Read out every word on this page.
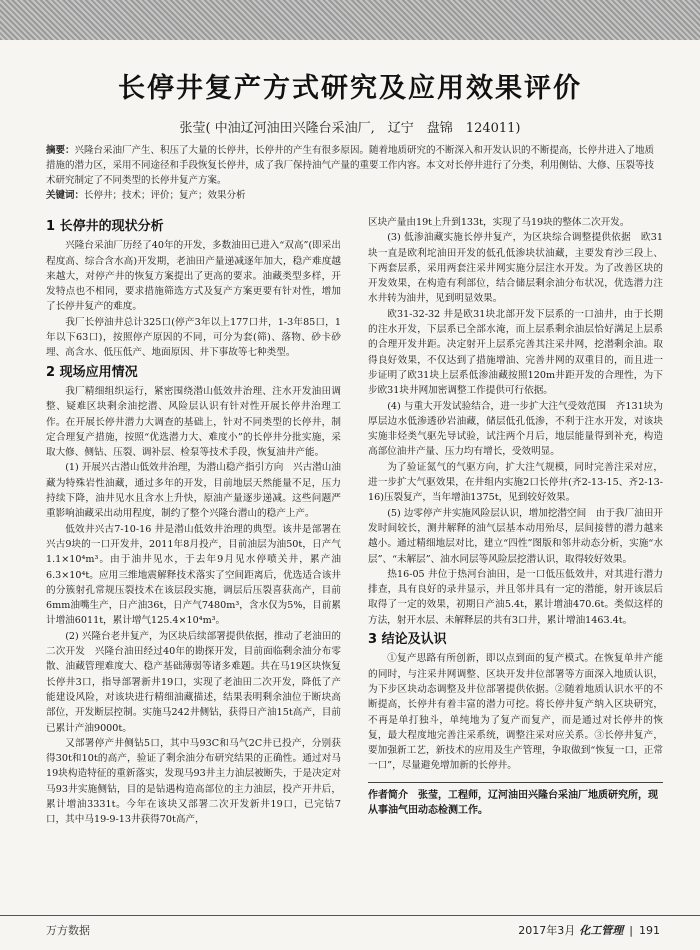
长停井复产方式研究及应用效果评价
张莹( 中油辽河油田兴隆台采油厂,　辽宁　盘锦　124011)
摘要：兴隆台采油厂产生、积压了大量的长停井，长停井的产生有很多原因。随着地质研究的不断深入和开发认识的不断提高，长停井进入了地质措施的潜力区，采用不同途径和手段恢复长停井，成了我厂保持油气产量的重要工作内容。本文对长停井进行了分类，利用侧钻、大修、压裂等技术研究制定了不同类型的长停井复产方案。
关键词：长停井；技术；评价；复产；效果分析
1 长停井的现状分析

兴隆台采油厂历经了40年的开发，多数油田已进入“双高”(即采出程度高、综合含水高)开发期，老油田产量递减逐年加大，稳产难度越来越大，对停产井的恢复方案提出了更高的要求。油藏类型多样，开发特点也不相同，要求措施筛选方式及复产方案更要有针对性，增加了长停井复产的难度。

我厂长停油井总计325口(停产3年以上177口井，1-3年85口，1年以下63口)，按照停产原因的不同，可分为套(筛)、落物、砂卡砂埋、高含水、低压低产、地面原因、井下事故等七种类型。

2 现场应用情况

我厂精细组织运行，紧密围绕潜山低效井治理、注水开发油田调整、疑难区块剩余油挖潜、风险层认识有针对性开展长停井治理工作。在开展长停井潜力大调查的基础上，针对不同类型的长停井，制定合理复产措施，按照“优选潜力大、难度小”的长停井分批实施，采取大修、侧钻、压裂、调补层、检泵等技术手段，恢复油井产能。

(1) 开展兴古潜山低效井治理，为潜山稳产指引方向　兴古潜山油藏为特殊岩性油藏，通过多年的开发，目前地层天然能量不足，压力持续下降，油井见水且含水上升快，原油产量逐步递减。这些问题严重影响油藏采出动用程度，制约了整个兴隆台潜山的稳产上产。

低效井兴古7-10-16 井是潜山低效井治理的典型。该井是部署在兴古9块的一口开发井，2011年8月投产，目前油层为油50t，日产气1.1×10⁴m³。由于油井见水，于去年9月见水停喷关井，累产油6.3×10⁴t。应用三维地震解释技术落实了空间距离后，优选适合该井的分簇射孔常规压裂技术在该层段实施，调层后压裂喜获高产，目前6mm油嘴生产，日产油36t，日产气7480m³，含水仅为5%，目前累计增油6011t，累计增气125.4×10⁴m³。

(2) 兴隆台老井复产，为区块后续部署提供依据，推动了老油田的二次开发　兴隆台油田经过40年的勘探开发，目前面临剩余油分布零散、油藏管理难度大、稳产基础薄弱等诸多难题。共在马19区块恢复长停井3口，指导部署新井19口，实现了老油田二次开发，降低了产能建设风险，对该块进行精细油藏描述，结果表明剩余油位于断块高部位，开发断层控制。实施马242井侧钻，获得日产油15t高产，目前已累计产油9000t。

又部署停产井侧钻5口，其中马93C和马气2C井已投产，分别获得30t和10t的高产，验证了剩余油分布研究结果的正确性。通过对马19块构造特征的重新落实，发现马93井主力油层被断失，于是决定对马93井实施侧钻，目的是钻遇构造高部位的主力油层，投产开井后，累计增油3331t。今年在该块又部署二次开发新井19口，已完钻7口，其中马19-9-13井获得70t高产，

区块产量由19t上升到133t，实现了马19块的整体二次开发。

(3) 低渗油藏实施长停井复产，为区块综合调整提供依据　欧31块一直是欧利坨油田开发的低孔低渗块状油藏，主要发育沙三段上、下两套层系，采用两套注采井网实施分层注水开发。为了改善区块的开发效果，在构造有利部位，结合储层剩余油分布状况，优选潜力注水井转为油井，见到明显效果。

欧31-32-32 井是欧31块北部开发下层系的一口油井，由于长期的注水开发，下层系已全部水淹，而上层系剩余油层恰好满足上层系的合理开发井距。决定射开上层系完善其注采井网，挖潜剩余油。取得良好效果，不仅达到了措施增油、完善井网的双重目的，而且进一步证明了欧31块上层系低渗油藏按照120m井距开发的合理性，为下步欧31块井网加密调整工作提供可行依据。

(4) 与重大开发试验结合，进一步扩大注气受效范围　齐131块为厚层边水低渗透砂岩油藏，储层低孔低渗，不利于注水开发，对该块实施非烃类气驱先导试验，试注两个月后，地层能量得到补充，构造高部位油井产量、压力均有增长，受效明显。

为了验证氮气的气驱方向，扩大注气规模，同时完善注采对应，进一步扩大气驱效果，在井组内实施2口长停井(齐2-13-15、齐2-13-16)压裂复产，当年增油1375t，见到较好效果。

(5) 边零停产井实施风险层认识，增加挖潜空间　由于我厂油田开发时间较长，测井解释的油气层基本动用殆尽，层间接替的潜力越来越小。通过精细地层对比，建立“四性”图版和邻井动态分析，实施“水层”、“未解层”、油水同层等风险层挖潜认识，取得较好效果。

热16-05 井位于热河台油田，是一口低压低效井，对其进行潜力排查，具有良好的录井显示，并且邻井具有一定的潜能，射开该层后取得了一定的效果，初期日产油5.4t，累计增油470.6t。类似这样的方法，射开水层、未解释层的共有3口井，累计增油1463.4t。

3 结论及认识

①复产思路有所创新，即以点到面的复产模式。在恢复单井产能的同时，与注采井网调整、区块开发井位部署等方面深入地质认识，为下步区块动态调整及井位部署提供依据。②随着地质认识水平的不断提高，长停井有着丰富的潜力可挖。将长停井复产纳入区块研究，不再是单打独斗，单纯地为了复产而复产，而是通过对长停井的恢复，最大程度地完善注采系统，调整注采对应关系。③长停井复产，要加强新工艺，新技术的应用及生产管理，争取做到“恢复一口，正常一口”，尽量避免增加新的长停井。

作者简介　张莹，工程师，辽河油田兴隆台采油厂地质研究所，现从事油气田动态检测工作。
万方数据	2017年3月 化工管理 | 191
